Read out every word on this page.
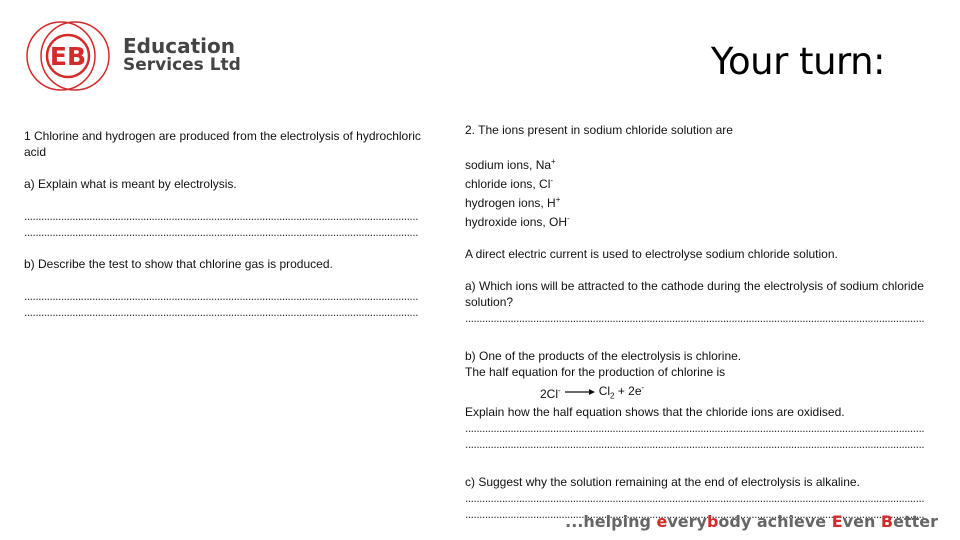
EB Education
Services Ltd	Your turn:
1 Chlorine and hydrogen are produced from the electrolysis of hydrochloric acid
a) Explain what is meant by electrolysis.
.....
.....
b) Describe the test to show that chlorine gas is produced.
.....
.....
2. The ions present in sodium chloride solution are
sodium ions, Na+
chloride ions, Cl-
hydrogen ions, H+
hydroxide ions, OH-
A direct electric current is used to electrolyse sodium chloride solution.
a) Which ions will be attracted to the cathode during the electrolysis of sodium chloride solution?
.....
b) One of the products of the electrolysis is chlorine.
The half equation for the production of chlorine is
2Cl-	$Cl_2 + 2e^-$
Explain how the half equation shows that the chloride ions are oxidised.
.....
.....
c) Suggest why the solution remaining at the end of electrolysis is alkaline.
.....
.....
...helping everybody achieve Even Better
